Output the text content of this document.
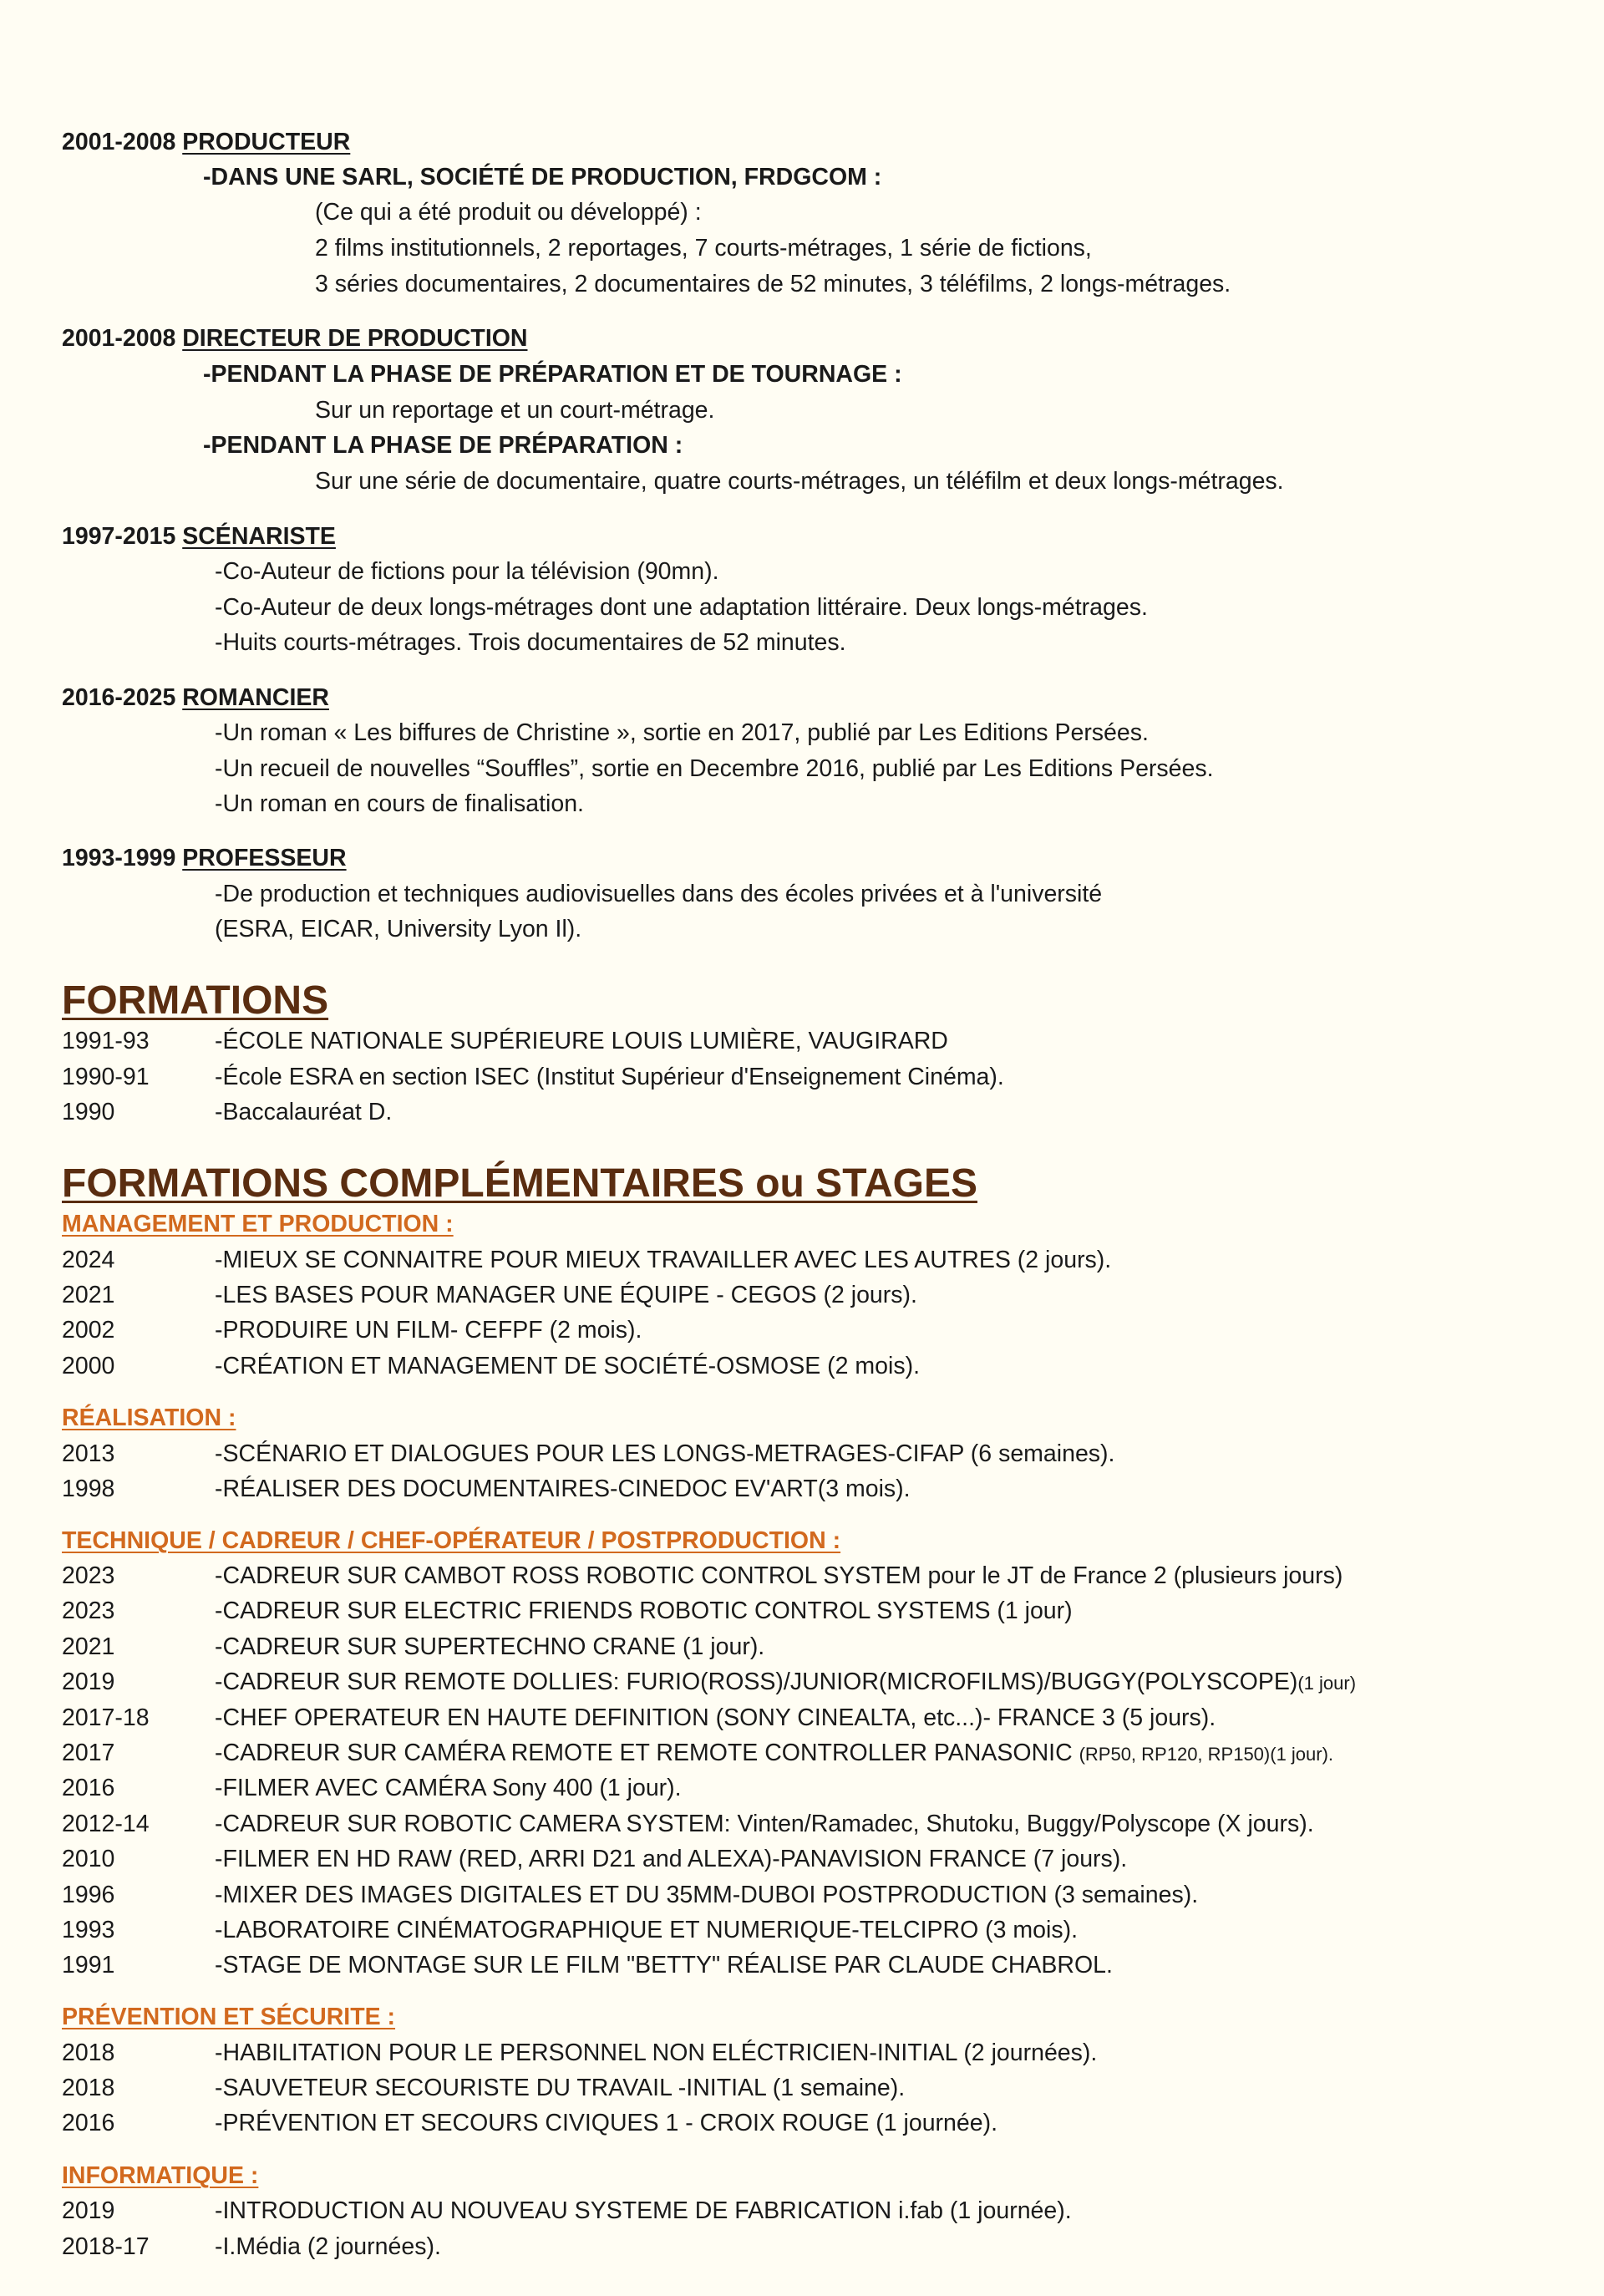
2001-2008 PRODUCTEUR
-DANS UNE SARL, SOCIÉTÉ DE PRODUCTION, FRDGCOM :
(Ce qui a été produit ou développé) :
2 films institutionnels, 2 reportages, 7 courts-métrages, 1 série de fictions,
3 séries documentaires, 2 documentaires de 52 minutes, 3 téléfilms, 2 longs-métrages.
2001-2008 DIRECTEUR DE PRODUCTION
-PENDANT LA PHASE DE PRÉPARATION ET DE TOURNAGE :
Sur un reportage et un court-métrage.
-PENDANT LA PHASE DE PRÉPARATION :
Sur une série de documentaire, quatre courts-métrages, un téléfilm et deux longs-métrages.
1997-2015 SCÉNARISTE
-Co-Auteur de fictions pour la télévision (90mn).
-Co-Auteur de deux longs-métrages dont une adaptation littéraire. Deux longs-métrages.
-Huits courts-métrages. Trois documentaires de 52 minutes.
2016-2025 ROMANCIER
-Un roman « Les biffures de Christine », sortie en 2017, publié par Les Editions Persées.
-Un recueil de nouvelles “Souffles”, sortie en Decembre 2016, publié par Les Editions Persées.
-Un roman en cours de finalisation.
1993-1999 PROFESSEUR
-De production et techniques audiovisuelles dans des écoles privées et à l'université
(ESRA, EICAR, University Lyon Il).
FORMATIONS
1991-93	-ÉCOLE NATIONALE SUPÉRIEURE LOUIS LUMIÈRE, VAUGIRARD
1990-91	-École ESRA en section ISEC (Institut Supérieur d'Enseignement Cinéma).
1990	-Baccalauréat D.
FORMATIONS COMPLÉMENTAIRES ou STAGES
MANAGEMENT ET PRODUCTION :
2024	-MIEUX SE CONNAITRE POUR MIEUX TRAVAILLER AVEC LES AUTRES (2 jours).
2021	-LES BASES POUR MANAGER UNE ÉQUIPE - CEGOS (2 jours).
2002	-PRODUIRE UN FILM- CEFPF (2 mois).
2000	-CRÉATION ET MANAGEMENT DE SOCIÉTÉ-OSMOSE (2 mois).
RÉALISATION :
2013	-SCÉNARIO ET DIALOGUES POUR LES LONGS-METRAGES-CIFAP (6 semaines).
1998	-RÉALISER DES DOCUMENTAIRES-CINEDOC EV'ART(3 mois).
TECHNIQUE / CADREUR / CHEF-OPÉRATEUR / POSTPRODUCTION :
2023	-CADREUR SUR CAMBOT ROSS ROBOTIC CONTROL SYSTEM pour le JT de France 2 (plusieurs jours)
2023	-CADREUR SUR ELECTRIC FRIENDS ROBOTIC CONTROL SYSTEMS (1 jour)
2021	-CADREUR SUR SUPERTECHNO CRANE (1 jour).
2019	-CADREUR SUR REMOTE DOLLIES: FURIO(ROSS)/JUNIOR(MICROFILMS)/BUGGY(POLYSCOPE)(1 jour)
2017-18	-CHEF OPERATEUR EN HAUTE DEFINITION (SONY CINEALTA, etc...)- FRANCE 3 (5 jours).
2017	-CADREUR SUR CAMÉRA REMOTE ET REMOTE CONTROLLER PANASONIC (RP50, RP120, RP150)(1 jour).
2016	-FILMER AVEC CAMÉRA Sony 400 (1 jour).
2012-14	-CADREUR SUR ROBOTIC CAMERA SYSTEM: Vinten/Ramadec, Shutoku, Buggy/Polyscope (X jours).
2010	-FILMER EN HD RAW (RED, ARRI D21 and ALEXA)-PANAVISION FRANCE (7 jours).
1996	-MIXER DES IMAGES DIGITALES ET DU 35MM-DUBOI POSTPRODUCTION (3 semaines).
1993	-LABORATOIRE CINÉMATOGRAPHIQUE ET NUMERIQUE-TELCIPRO (3 mois).
1991	-STAGE DE MONTAGE SUR LE FILM "BETTY" RÉALISE PAR CLAUDE CHABROL.
PRÉVENTION ET SÉCURITE :
2018	-HABILITATION POUR LE PERSONNEL NON ELÉCTRICIEN-INITIAL (2 journées).
2018	-SAUVETEUR SECOURISTE DU TRAVAIL -INITIAL (1 semaine).
2016	-PRÉVENTION ET SECOURS CIVIQUES 1 - CROIX ROUGE (1 journée).
INFORMATIQUE :
2019	-INTRODUCTION AU NOUVEAU SYSTEME DE FABRICATION i.fab (1 journée).
2018-17	-I.Média (2 journées).
